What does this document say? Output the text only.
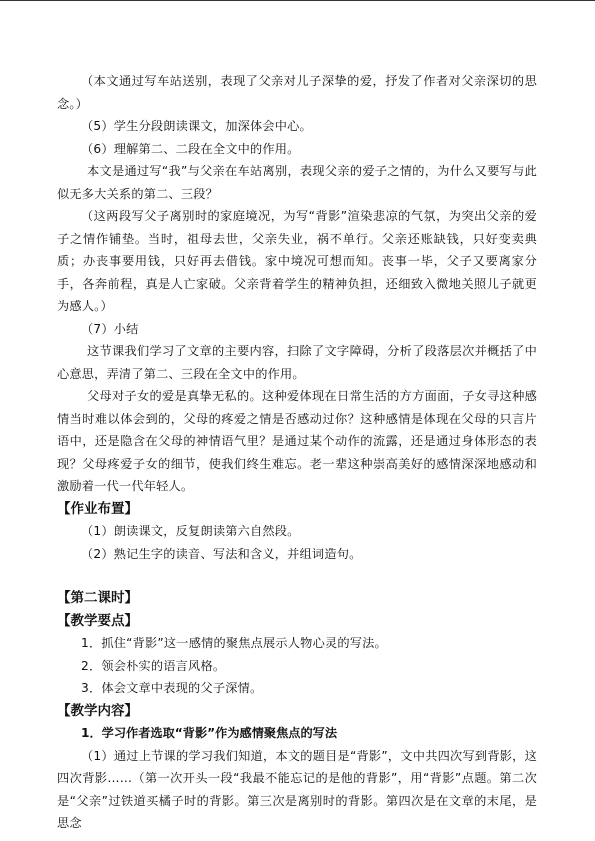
（本文通过写车站送别，表现了父亲对儿子深挚的爱，抒发了作者对父亲深切的思念。）

（5）学生分段朗读课文，加深体会中心。

（6）理解第二、二段在全文中的作用。

本文是通过写“我”与父亲在车站离别，表现父亲的爱子之情的，为什么又要写与此似无多大关系的第二、三段？

（这两段写父子离别时的家庭境况，为写“背影”渲染悲凉的气氛，为突出父亲的爱子之情作铺垫。当时，祖母去世，父亲失业，祸不单行。父亲还账缺钱，只好变卖典质；办丧事要用钱，只好再去借钱。家中境况可想而知。丧事一毕，父子又要离家分手，各奔前程，真是人亡家破。父亲背着学生的精神负担，还细致入微地关照儿子就更为感人。）

（7）小结

这节课我们学习了文章的主要内容，扫除了文字障碍，分析了段落层次并概括了中心意思，弄清了第二、三段在全文中的作用。

父母对子女的爱是真挚无私的。这种爱体现在日常生活的方方面面，子女寻这种感情当时难以体会到的，父母的疼爱之情是否感动过你？这种感情是体现在父母的只言片语中，还是隐含在父母的神情语气里？是通过某个动作的流露，还是通过身体形态的表现？父母疼爱子女的细节，使我们终生难忘。老一辈这种崇高美好的感情深深地感动和激励着一代一代年轻人。

【作业布置】

（1）朗读课文，反复朗读第六自然段。

（2）熟记生字的读音、写法和含义，并组词造句。

【第二课时】

【教学要点】

1．抓住“背影”这一感情的聚焦点展示人物心灵的写法。

2．领会朴实的语言风格。

3．体会文章中表现的父子深情。

【教学内容】

1．学习作者选取“背影”作为感情聚焦点的写法

（1）通过上节课的学习我们知道，本文的题目是“背影”，文中共四次写到背影，这四次背影……（第一次开头一段“我最不能忘记的是他的背影”，用“背影”点题。第二次是“父亲”过铁道买橘子时的背影。第三次是离别时的背影。第四次是在文章的末尾，是思念
